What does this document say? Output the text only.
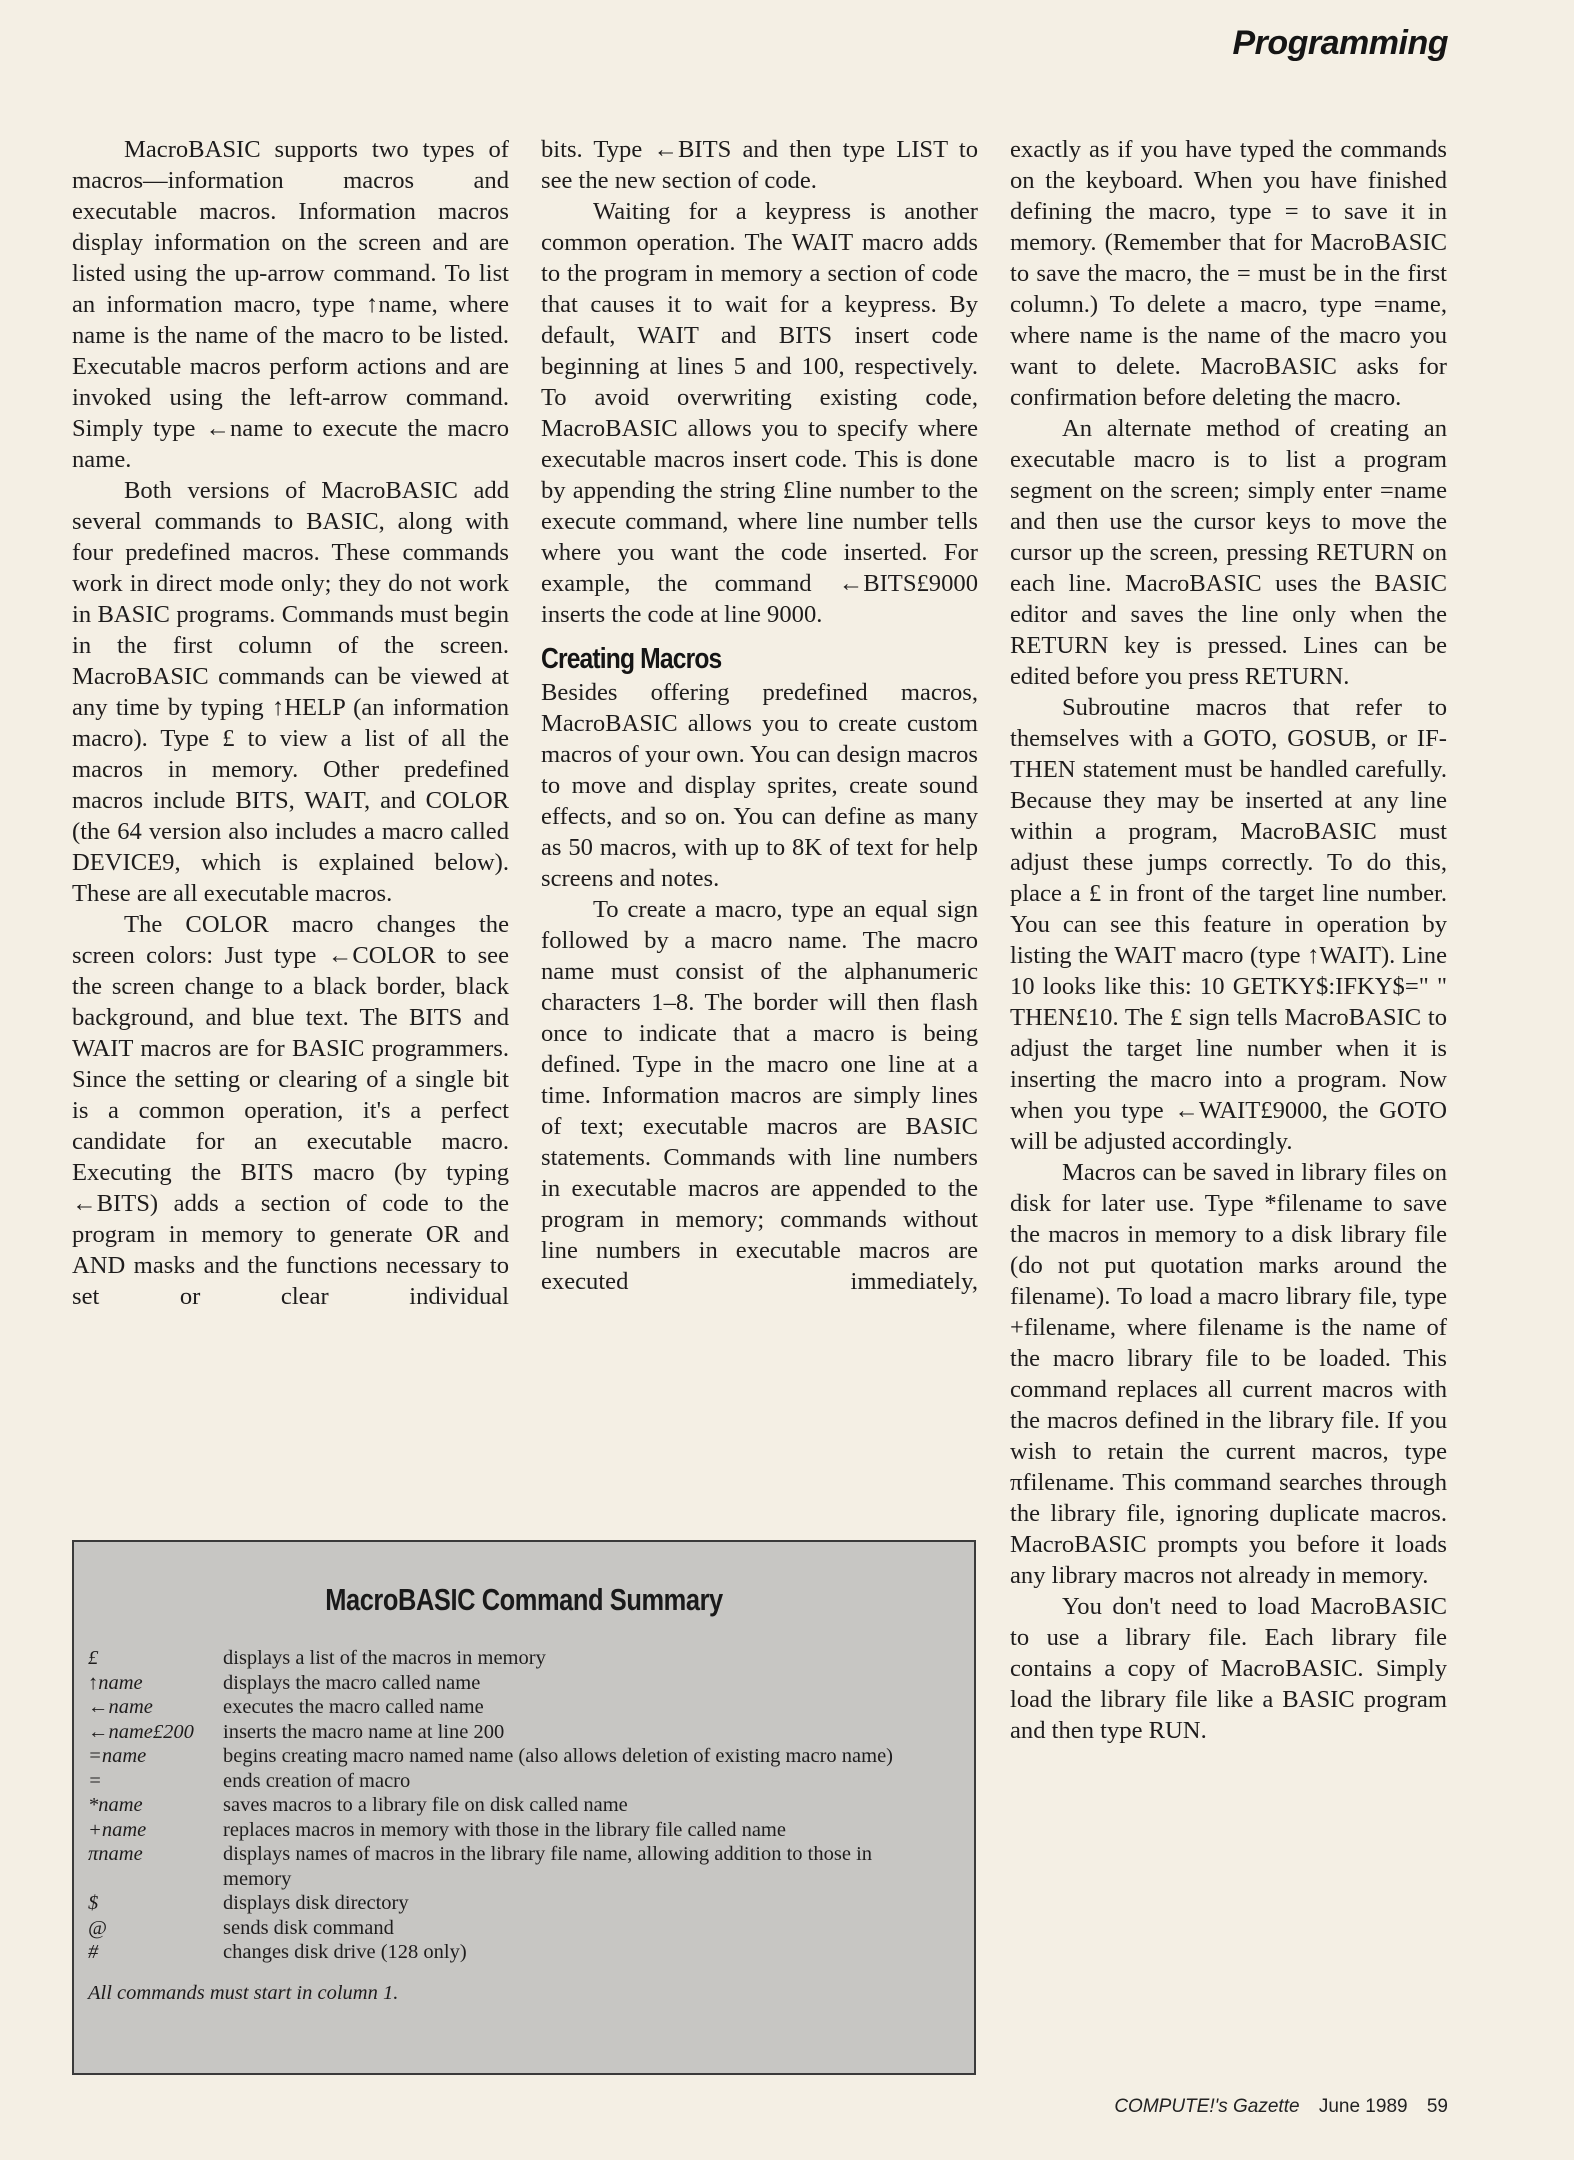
Programming

MacroBASIC supports two types of macros—information macros and executable macros. Information macros display information on the screen and are listed using the up-arrow command. To list an information macro, type ↑name, where name is the name of the macro to be listed. Executable macros perform actions and are invoked using the left-arrow command. Simply type ←name to execute the macro name.

Both versions of MacroBASIC add several commands to BASIC, along with four predefined macros. These commands work in direct mode only; they do not work in BASIC programs. Commands must begin in the first column of the screen. MacroBASIC commands can be viewed at any time by typing ↑HELP (an information macro). Type £ to view a list of all the macros in memory. Other predefined macros include BITS, WAIT, and COLOR (the 64 version also includes a macro called DEVICE9, which is explained below). These are all executable macros.

The COLOR macro changes the screen colors: Just type ←COLOR to see the screen change to a black border, black background, and blue text. The BITS and WAIT macros are for BASIC programmers. Since the setting or clearing of a single bit is a common operation, it's a perfect candidate for an executable macro. Executing the BITS macro (by typing ←BITS) adds a section of code to the program in memory to generate OR and AND masks and the functions necessary to set or clear individual

bits. Type ←BITS and then type LIST to see the new section of code.

Waiting for a keypress is another common operation. The WAIT macro adds to the program in memory a section of code that causes it to wait for a keypress. By default, WAIT and BITS insert code beginning at lines 5 and 100, respectively. To avoid overwriting existing code, MacroBASIC allows you to specify where executable macros insert code. This is done by appending the string £line number to the execute command, where line number tells where you want the code inserted. For example, the command ←BITS£9000 inserts the code at line 9000.

Creating Macros

Besides offering predefined macros, MacroBASIC allows you to create custom macros of your own. You can design macros to move and display sprites, create sound effects, and so on. You can define as many as 50 macros, with up to 8K of text for help screens and notes.

To create a macro, type an equal sign followed by a macro name. The macro name must consist of the alphanumeric characters 1–8. The border will then flash once to indicate that a macro is being defined. Type in the macro one line at a time. Information macros are simply lines of text; executable macros are BASIC statements. Commands with line numbers in executable macros are appended to the program in memory; commands without line numbers in executable macros are executed immediately,

exactly as if you have typed the commands on the keyboard. When you have finished defining the macro, type = to save it in memory. (Remember that for MacroBASIC to save the macro, the = must be in the first column.) To delete a macro, type =name, where name is the name of the macro you want to delete. MacroBASIC asks for confirmation before deleting the macro.

An alternate method of creating an executable macro is to list a program segment on the screen; simply enter =name and then use the cursor keys to move the cursor up the screen, pressing RETURN on each line. MacroBASIC uses the BASIC editor and saves the line only when the RETURN key is pressed. Lines can be edited before you press RETURN.

Subroutine macros that refer to themselves with a GOTO, GOSUB, or IF-THEN statement must be handled carefully. Because they may be inserted at any line within a program, MacroBASIC must adjust these jumps correctly. To do this, place a £ in front of the target line number. You can see this feature in operation by listing the WAIT macro (type ↑WAIT). Line 10 looks like this: 10 GETKY$:IFKY$=" " THEN£10. The £ sign tells MacroBASIC to adjust the target line number when it is inserting the macro into a program. Now when you type ←WAIT£9000, the GOTO will be adjusted accordingly.

Macros can be saved in library files on disk for later use. Type *filename to save the macros in memory to a disk library file (do not put quotation marks around the filename). To load a macro library file, type +filename, where filename is the name of the macro library file to be loaded. This command replaces all current macros with the macros defined in the library file. If you wish to retain the current macros, type πfilename. This command searches through the library file, ignoring duplicate macros. MacroBASIC prompts you before it loads any library macros not already in memory.

You don't need to load MacroBASIC to use a library file. Each library file contains a copy of MacroBASIC. Simply load the library file like a BASIC program and then type RUN.

MacroBASIC Command Summary
£	displays a list of the macros in memory
↑name	displays the macro called name
←name	executes the macro called name
←name£200	inserts the macro name at line 200
=name	begins creating macro named name (also allows deletion of existing macro name)
=	ends creation of macro
*name	saves macros to a library file on disk called name
+name	replaces macros in memory with those in the library file called name
πname	displays names of macros in the library file name, allowing addition to those in memory
$	displays disk directory
@	sends disk command
#	changes disk drive (128 only)
All commands must start in column 1.
COMPUTE!'s Gazette June 1989 59
